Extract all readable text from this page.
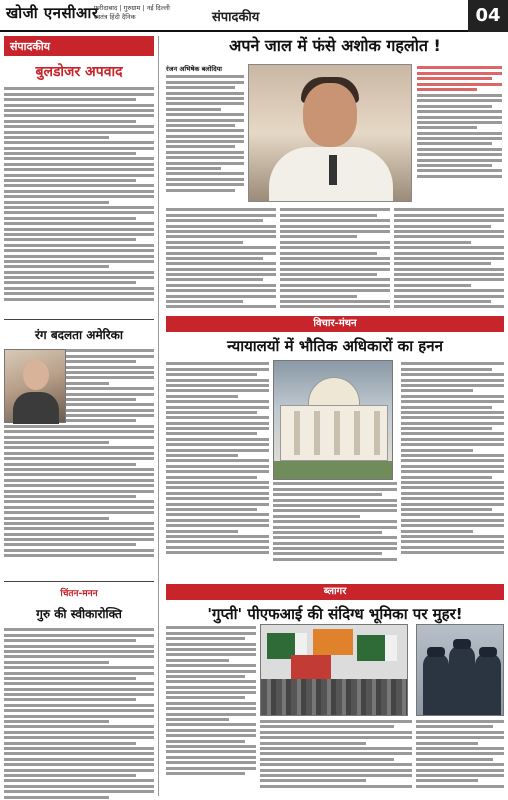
खोजी एनसीआर
फ़रीदाबाद | गुरुग्राम | नई दिल्ली
स्वतंत्र हिंदी दैनिक	संपादकीय	04
संपादकीय
बुलडोजर अपवाद
रंग बदलता अमेरिका
चिंतन-मनन
गुरु की स्वीकारोक्ति
अपने जाल में फंसे अशोक गहलोत !
रंजन अभिषेक बलोदिया
विचार-मंथन
न्यायालयों में भौतिक अधिकारों का हनन
ब्लागर
'गुप्ती' पीएफआई की संदिग्ध भूमिका पर मुहर!
